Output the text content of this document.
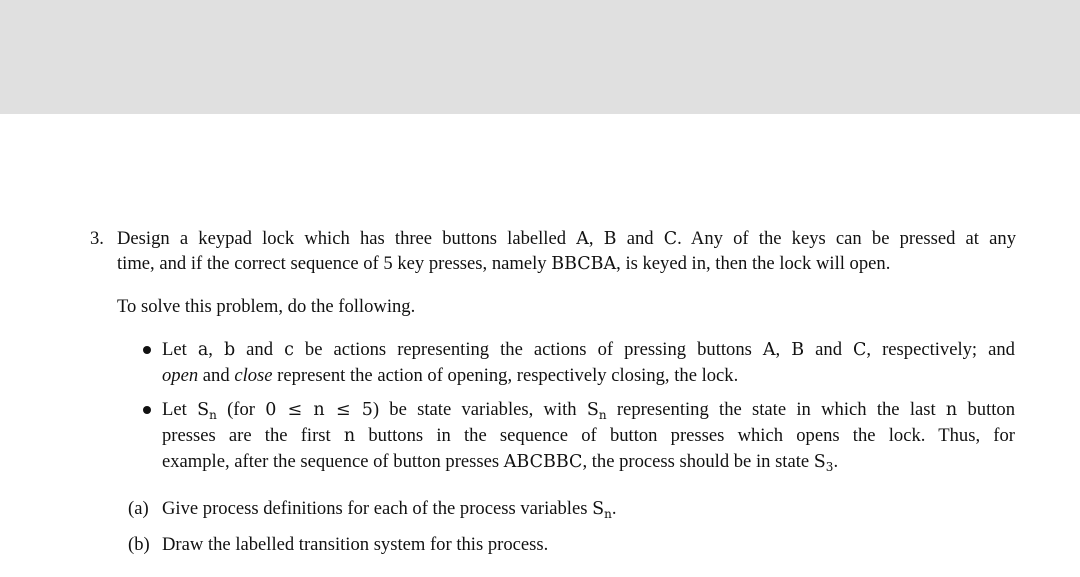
3. Design a keypad lock which has three buttons labelled A, B and C. Any of the keys can be pressed at any
time, and if the correct sequence of 5 key presses, namely BBCBA, is keyed in, then the lock will open.
To solve this problem, do the following.
Let a, b and c be actions representing the actions of pressing buttons A, B and C, respectively; and
open and close represent the action of opening, respectively closing, the lock.
Let $S_n$ (for 0 ≤ n ≤ 5) be state variables, with $S_n$ representing the state in which the last n button
presses are the first n buttons in the sequence of button presses which opens the lock. Thus, for
example, after the sequence of button presses ABCBBC, the process should be in state $S_3$.
(a) Give process definitions for each of the process variables $S_n$.
(b) Draw the labelled transition system for this process.
